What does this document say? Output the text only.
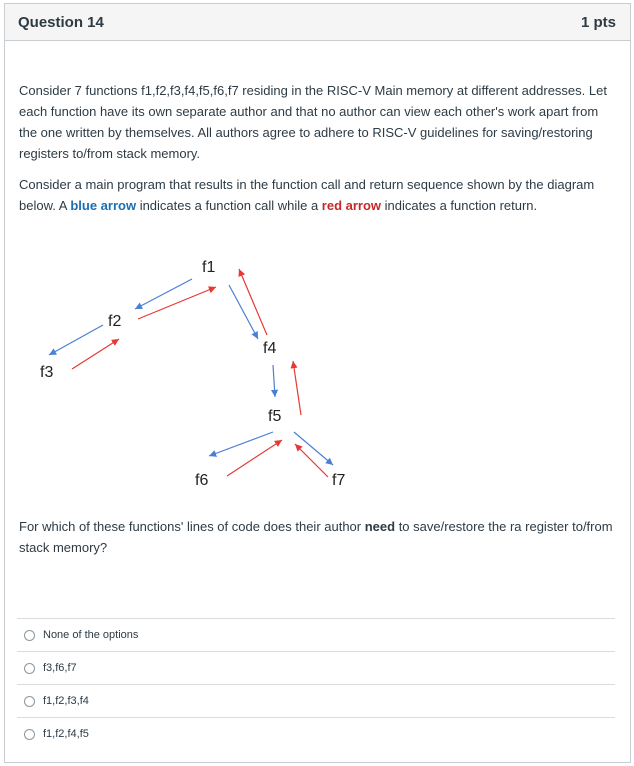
Question 14	1 pts

Consider 7 functions f1,f2,f3,f4,f5,f6,f7 residing in the RISC-V Main memory at different addresses. Let each function have its own separate author and that no author can view each other's work apart from the one written by themselves. All authors agree to adhere to RISC-V guidelines for saving/restoring registers to/from stack memory.

Consider a main program that results in the function call and return sequence shown by the diagram below. A blue arrow indicates a function call while a red arrow indicates a function return.

f1
f2
f3
f4
f5
f6	f7
For which of these functions' lines of code does their author need to save/restore the ra register to/from stack memory?
None of the options
f3,f6,f7
f1,f2,f3,f4
f1,f2,f4,f5
